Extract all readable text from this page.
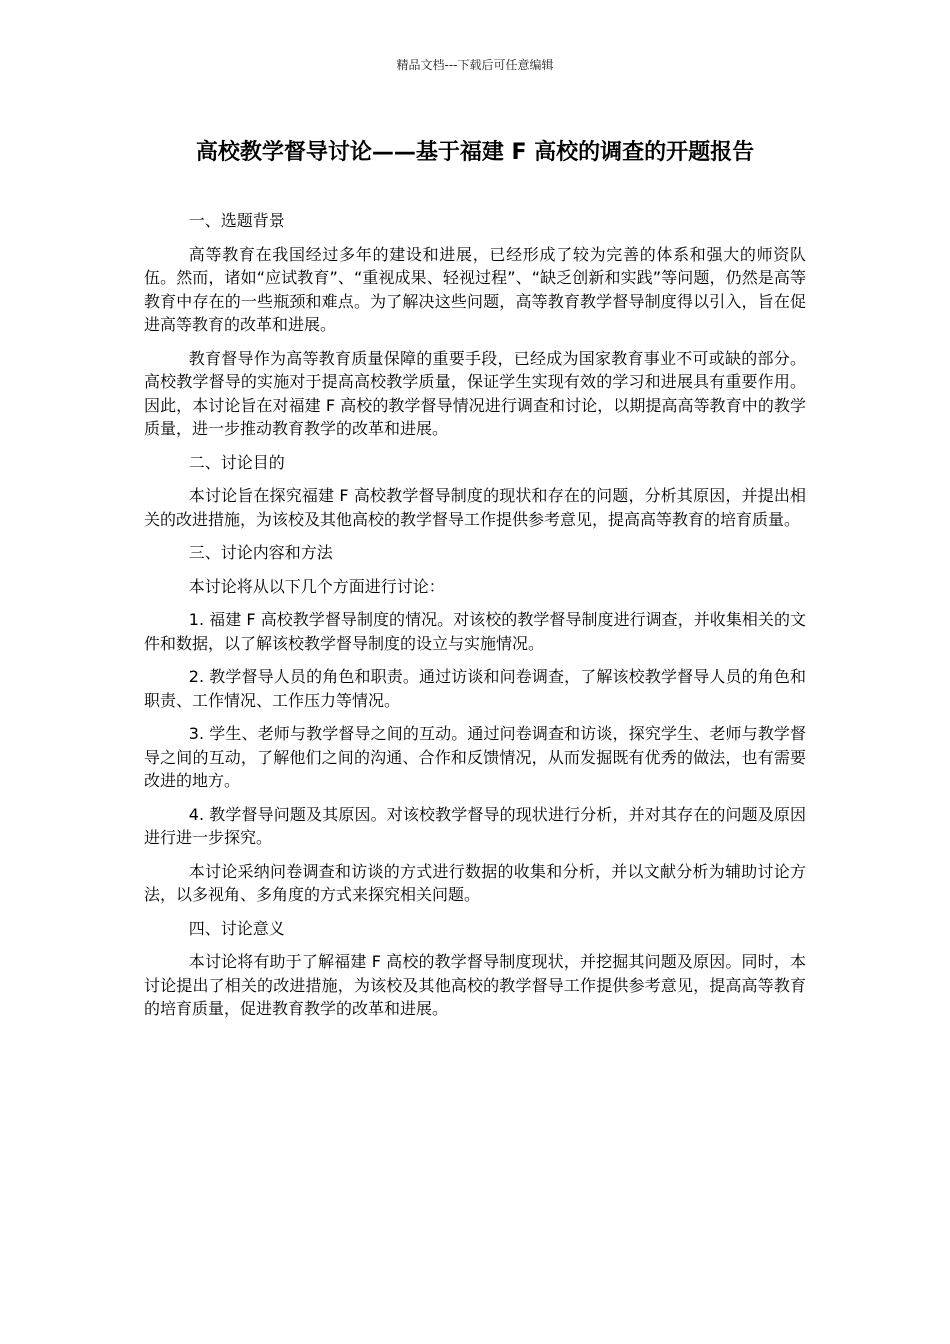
精品文档---下载后可任意编辑
高校教学督导讨论——基于福建 F 高校的调查的开题报告

一、选题背景

高等教育在我国经过多年的建设和进展，已经形成了较为完善的体系和强大的师资队伍。然而，诸如“应试教育”、“重视成果、轻视过程”、“缺乏创新和实践”等问题，仍然是高等教育中存在的一些瓶颈和难点。为了解决这些问题，高等教育教学督导制度得以引入，旨在促进高等教育的改革和进展。

教育督导作为高等教育质量保障的重要手段，已经成为国家教育事业不可或缺的部分。高校教学督导的实施对于提高高校教学质量，保证学生实现有效的学习和进展具有重要作用。因此，本讨论旨在对福建 F 高校的教学督导情况进行调查和讨论，以期提高高等教育中的教学质量，进一步推动教育教学的改革和进展。

二、讨论目的

本讨论旨在探究福建 F 高校教学督导制度的现状和存在的问题，分析其原因，并提出相关的改进措施，为该校及其他高校的教学督导工作提供参考意见，提高高等教育的培育质量。

三、讨论内容和方法

本讨论将从以下几个方面进行讨论：

1. 福建 F 高校教学督导制度的情况。对该校的教学督导制度进行调查，并收集相关的文件和数据，以了解该校教学督导制度的设立与实施情况。

2. 教学督导人员的角色和职责。通过访谈和问卷调查，了解该校教学督导人员的角色和职责、工作情况、工作压力等情况。

3. 学生、老师与教学督导之间的互动。通过问卷调查和访谈，探究学生、老师与教学督导之间的互动，了解他们之间的沟通、合作和反馈情况，从而发掘既有优秀的做法，也有需要改进的地方。

4. 教学督导问题及其原因。对该校教学督导的现状进行分析，并对其存在的问题及原因进行进一步探究。

本讨论采纳问卷调查和访谈的方式进行数据的收集和分析，并以文献分析为辅助讨论方法，以多视角、多角度的方式来探究相关问题。

四、讨论意义

本讨论将有助于了解福建 F 高校的教学督导制度现状，并挖掘其问题及原因。同时，本讨论提出了相关的改进措施，为该校及其他高校的教学督导工作提供参考意见，提高高等教育的培育质量，促进教育教学的改革和进展。
